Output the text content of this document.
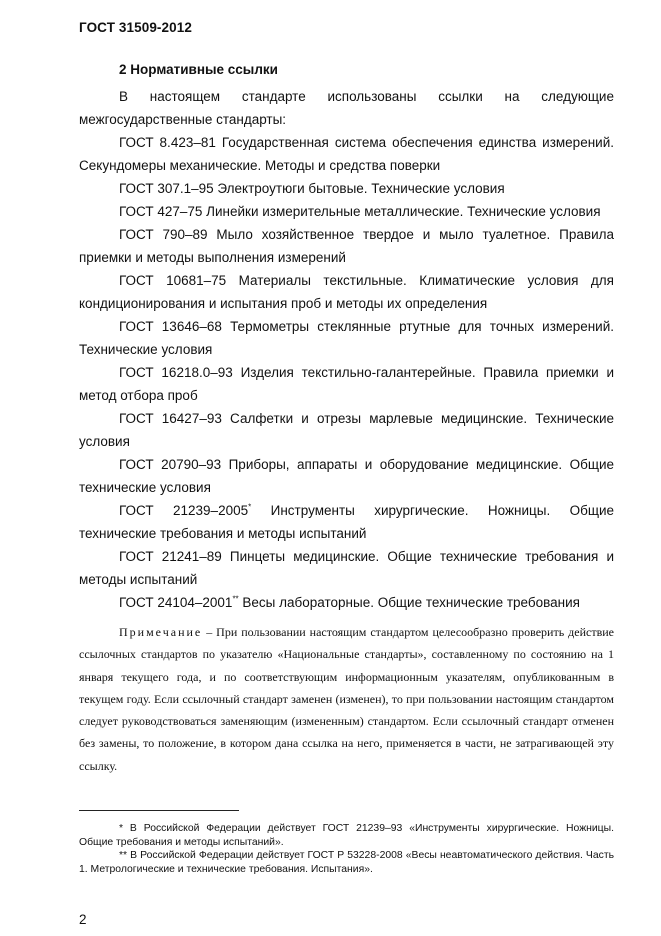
ГОСТ 31509-2012
2 Нормативные ссылки

В настоящем стандарте использованы ссылки на следующие межгосударственные стандарты:

ГОСТ 8.423–81 Государственная система обеспечения единства измерений. Секундомеры механические. Методы и средства поверки

ГОСТ 307.1–95 Электроутюги бытовые. Технические условия

ГОСТ 427–75 Линейки измерительные металлические. Технические условия

ГОСТ 790–89 Мыло хозяйственное твердое и мыло туалетное. Правила приемки и методы выполнения измерений

ГОСТ 10681–75 Материалы текстильные. Климатические условия для кондиционирования и испытания проб и методы их определения

ГОСТ 13646–68 Термометры стеклянные ртутные для точных измерений. Технические условия

ГОСТ 16218.0–93 Изделия текстильно-галантерейные. Правила приемки и метод отбора проб

ГОСТ 16427–93 Салфетки и отрезы марлевые медицинские. Технические условия

ГОСТ 20790–93 Приборы, аппараты и оборудование медицинские. Общие технические условия

ГОСТ 21239–2005* Инструменты хирургические. Ножницы. Общие технические требования и методы испытаний

ГОСТ 21241–89 Пинцеты медицинские. Общие технические требования и методы испытаний

ГОСТ 24104–2001** Весы лабораторные. Общие технические требования

Примечание – При пользовании настоящим стандартом целесообразно проверить действие ссылочных стандартов по указателю «Национальные стандарты», составленному по состоянию на 1 января текущего года, и по соответствующим информационным указателям, опубликованным в текущем году. Если ссылочный стандарт заменен (изменен), то при пользовании настоящим стандартом следует руководствоваться заменяющим (измененным) стандартом. Если ссылочный стандарт отменен без замены, то положение, в котором дана ссылка на него, применяется в части, не затрагивающей эту ссылку.

* В Российской Федерации действует ГОСТ 21239–93 «Инструменты хирургические. Ножницы. Общие требования и методы испытаний».

** В Российской Федерации действует ГОСТ Р 53228-2008 «Весы неавтоматического действия. Часть 1. Метрологические и технические требования. Испытания».

2
